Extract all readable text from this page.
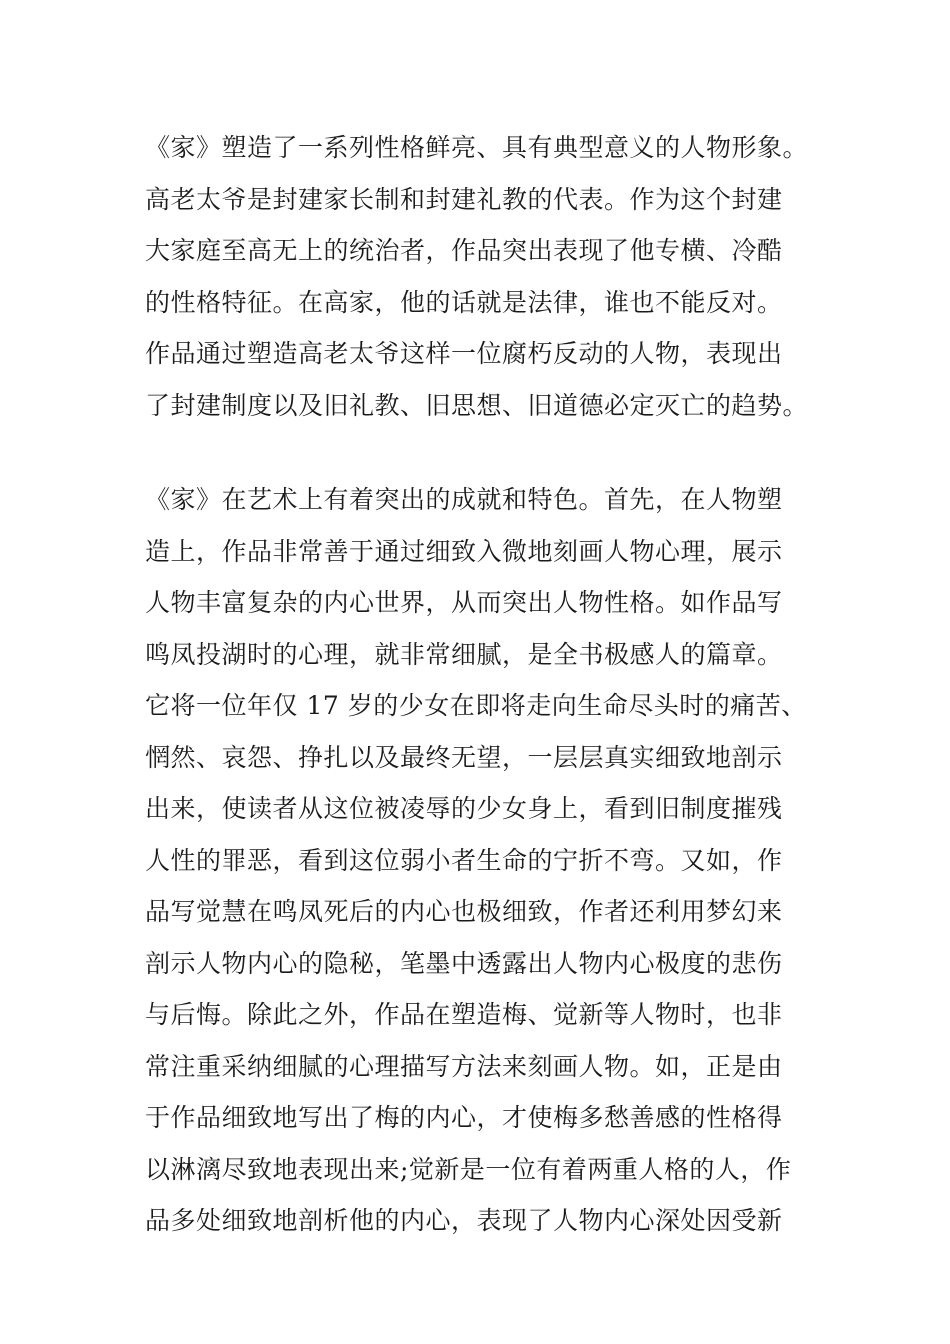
《家》塑造了一系列性格鲜亮、具有典型意义的人物形象。
高老太爷是封建家长制和封建礼教的代表。作为这个封建
大家庭至高无上的统治者，作品突出表现了他专横、冷酷
的性格特征。在高家，他的话就是法律，谁也不能反对。
作品通过塑造高老太爷这样一位腐朽反动的人物，表现出
了封建制度以及旧礼教、旧思想、旧道德必定灭亡的趋势。
《家》在艺术上有着突出的成就和特色。首先，在人物塑
造上，作品非常善于通过细致入微地刻画人物心理，展示
人物丰富复杂的内心世界，从而突出人物性格。如作品写
鸣凤投湖时的心理，就非常细腻，是全书极感人的篇章。
它将一位年仅 17 岁的少女在即将走向生命尽头时的痛苦、
惘然、哀怨、挣扎以及最终无望，一层层真实细致地剖示
出来，使读者从这位被凌辱的少女身上，看到旧制度摧残
人性的罪恶，看到这位弱小者生命的宁折不弯。又如，作
品写觉慧在鸣凤死后的内心也极细致，作者还利用梦幻来
剖示人物内心的隐秘，笔墨中透露出人物内心极度的悲伤
与后悔。除此之外，作品在塑造梅、觉新等人物时，也非
常注重采纳细腻的心理描写方法来刻画人物。如，正是由
于作品细致地写出了梅的内心，才使梅多愁善感的性格得
以淋漓尽致地表现出来;觉新是一位有着两重人格的人，作
品多处细致地剖析他的内心，表现了人物内心深处因受新
